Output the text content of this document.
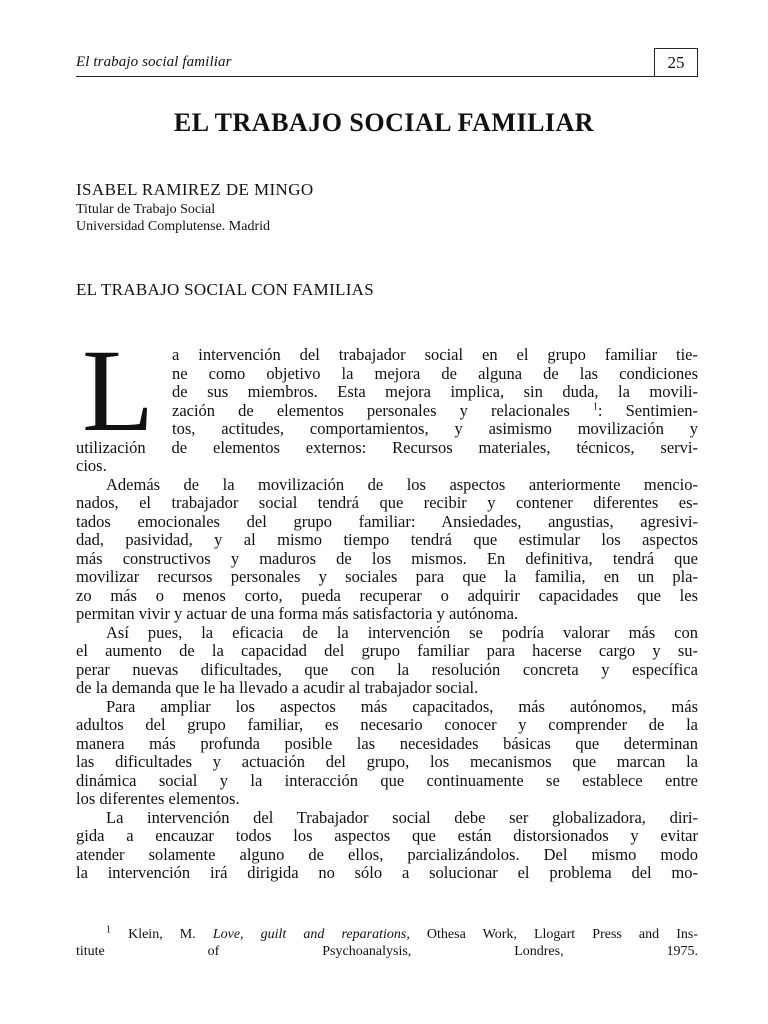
El trabajo social familiar	25
EL TRABAJO SOCIAL FAMILIAR
ISABEL RAMIREZ DE MINGO
Titular de Trabajo Social
Universidad Complutense. Madrid
EL TRABAJO SOCIAL CON FAMILIAS
L a intervención del trabajador social en el grupo familiar tie-
ne como objetivo la mejora de alguna de las condiciones
de sus miembros. Esta mejora implica, sin duda, la movili-
zación de elementos personales y relacionales $^1$: Sentimien-
tos, actitudes, comportamientos, y asimismo movilización y
utilización de elementos externos: Recursos materiales, técnicos, servi-
cios.
Además de la movilización de los aspectos anteriormente mencio-
nados, el trabajador social tendrá que recibir y contener diferentes es-
tados emocionales del grupo familiar: Ansiedades, angustias, agresivi-
dad, pasividad, y al mismo tiempo tendrá que estimular los aspectos
más constructivos y maduros de los mismos. En definitiva, tendrá que
movilizar recursos personales y sociales para que la familia, en un pla-
zo más o menos corto, pueda recuperar o adquirir capacidades que les
permitan vivir y actuar de una forma más satisfactoria y autónoma.
Así pues, la eficacia de la intervención se podría valorar más con
el aumento de la capacidad del grupo familiar para hacerse cargo y su-
perar nuevas dificultades, que con la resolución concreta y específica
de la demanda que le ha llevado a acudir al trabajador social.
Para ampliar los aspectos más capacitados, más autónomos, más
adultos del grupo familiar, es necesario conocer y comprender de la
manera más profunda posible las necesidades básicas que determinan
las dificultades y actuación del grupo, los mecanismos que marcan la
dinámica social y la interacción que continuamente se establece entre
los diferentes elementos.
La intervención del Trabajador social debe ser globalizadora, diri-
gida a encauzar todos los aspectos que están distorsionados y evitar
atender solamente alguno de ellos, parcializándolos. Del mismo modo
la intervención irá dirigida no sólo a solucionar el problema del mo-
$^1$ Klein, M. Love, guilt and reparations, Othesa Work, Llogart Press and Ins-
titute of Psychoanalysis, Londres, 1975.
